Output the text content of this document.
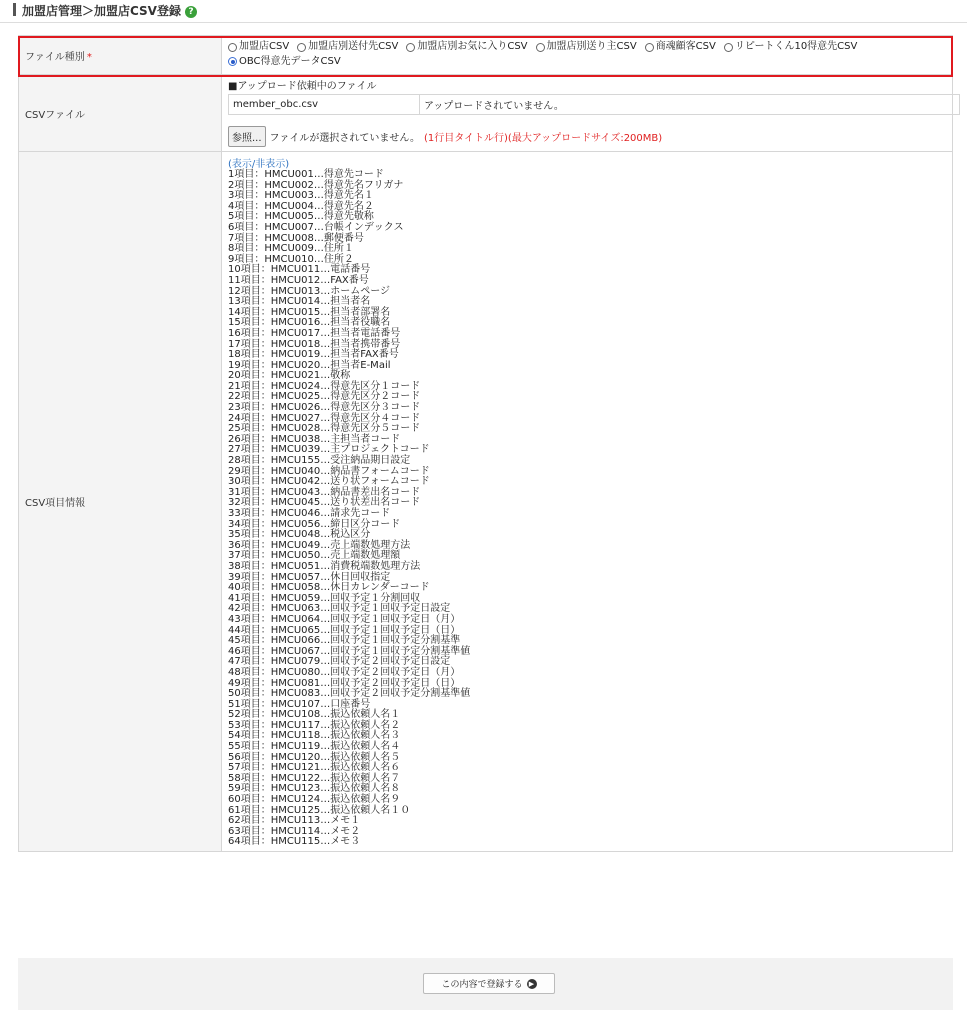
加盟店管理＞加盟店CSV登録 ?
ファイル種別 *	
加盟店CSV 加盟店別送付先CSV 加盟店別お気に入りCSV 加盟店別送り主CSV 商魂顧客CSV リピートくん10得意先CSV

OBC得意先データCSV

CSVファイル	
■アップロード依頼中のファイル
member_obc.csv	アップロードされていません。
参照... ファイルが選択されていません。 (1行目タイトル行)(最大アップロードサイズ:200MB)

CSV項目情報	
(表示/非表示)
1項目：HMCU001…得意先コード
2項目：HMCU002…得意先名フリガナ
3項目：HMCU003…得意先名１
4項目：HMCU004…得意先名２
5項目：HMCU005…得意先敬称
6項目：HMCU007…台帳インデックス
7項目：HMCU008…郵便番号
8項目：HMCU009…住所１
9項目：HMCU010…住所２
10項目：HMCU011…電話番号
11項目：HMCU012…FAX番号
12項目：HMCU013…ホームページ
13項目：HMCU014…担当者名
14項目：HMCU015…担当者部署名
15項目：HMCU016…担当者役職名
16項目：HMCU017…担当者電話番号
17項目：HMCU018…担当者携帯番号
18項目：HMCU019…担当者FAX番号
19項目：HMCU020…担当者E-Mail
20項目：HMCU021…敬称
21項目：HMCU024…得意先区分１コード
22項目：HMCU025…得意先区分２コード
23項目：HMCU026…得意先区分３コード
24項目：HMCU027…得意先区分４コード
25項目：HMCU028…得意先区分５コード
26項目：HMCU038…主担当者コード
27項目：HMCU039…主プロジェクトコード
28項目：HMCU155…受注納品期日設定
29項目：HMCU040…納品書フォームコード
30項目：HMCU042…送り状フォームコード
31項目：HMCU043…納品書差出名コード
32項目：HMCU045…送り状差出名コード
33項目：HMCU046…請求先コード
34項目：HMCU056…締日区分コード
35項目：HMCU048…税込区分
36項目：HMCU049…売上端数処理方法
37項目：HMCU050…売上端数処理額
38項目：HMCU051…消費税端数処理方法
39項目：HMCU057…休日回収指定
40項目：HMCU058…休日カレンダーコード
41項目：HMCU059…回収予定１分割回収
42項目：HMCU063…回収予定１回収予定日設定
43項目：HMCU064…回収予定１回収予定日（月）
44項目：HMCU065…回収予定１回収予定日（日）
45項目：HMCU066…回収予定１回収予定分割基準
46項目：HMCU067…回収予定１回収予定分割基準値
47項目：HMCU079…回収予定２回収予定日設定
48項目：HMCU080…回収予定２回収予定日（月）
49項目：HMCU081…回収予定２回収予定日（日）
50項目：HMCU083…回収予定２回収予定分割基準値
51項目：HMCU107…口座番号
52項目：HMCU108…振込依頼人名１
53項目：HMCU117…振込依頼人名２
54項目：HMCU118…振込依頼人名３
55項目：HMCU119…振込依頼人名４
56項目：HMCU120…振込依頼人名５
57項目：HMCU121…振込依頼人名６
58項目：HMCU122…振込依頼人名７
59項目：HMCU123…振込依頼人名８
60項目：HMCU124…振込依頼人名９
61項目：HMCU125…振込依頼人名１０
62項目：HMCU113…メモ１
63項目：HMCU114…メモ２
64項目：HMCU115…メモ３
この内容で登録する ▶
